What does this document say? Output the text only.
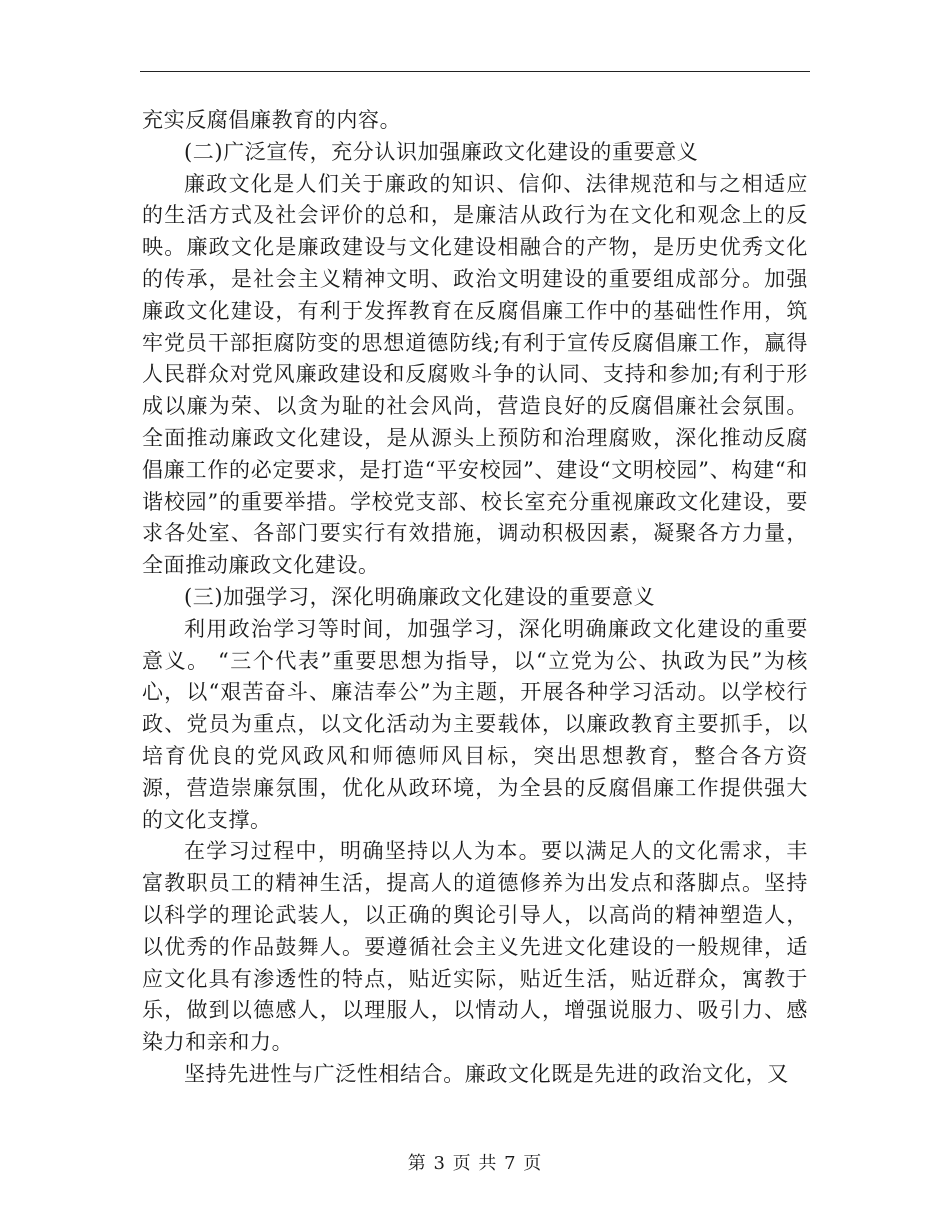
充实反腐倡廉教育的内容。

(二)广泛宣传，充分认识加强廉政文化建设的重要意义

廉政文化是人们关于廉政的知识、信仰、法律规范和与之相适应的生活方式及社会评价的总和，是廉洁从政行为在文化和观念上的反映。廉政文化是廉政建设与文化建设相融合的产物，是历史优秀文化的传承，是社会主义精神文明、政治文明建设的重要组成部分。加强廉政文化建设，有利于发挥教育在反腐倡廉工作中的基础性作用，筑牢党员干部拒腐防变的思想道德防线;有利于宣传反腐倡廉工作，赢得人民群众对党风廉政建设和反腐败斗争的认同、支持和参加;有利于形成以廉为荣、以贪为耻的社会风尚，营造良好的反腐倡廉社会氛围。全面推动廉政文化建设，是从源头上预防和治理腐败，深化推动反腐倡廉工作的必定要求，是打造“平安校园”、建设“文明校园”、构建“和谐校园”的重要举措。学校党支部、校长室充分重视廉政文化建设，要求各处室、各部门要实行有效措施，调动积极因素，凝聚各方力量，全面推动廉政文化建设。

(三)加强学习，深化明确廉政文化建设的重要意义

利用政治学习等时间，加强学习，深化明确廉政文化建设的重要意义。 “三个代表”重要思想为指导，以“立党为公、执政为民”为核心，以“艰苦奋斗、廉洁奉公”为主题，开展各种学习活动。以学校行政、党员为重点，以文化活动为主要载体，以廉政教育主要抓手，以培育优良的党风政风和师德师风目标，突出思想教育，整合各方资源，营造崇廉氛围，优化从政环境，为全县的反腐倡廉工作提供强大的文化支撑。

在学习过程中，明确坚持以人为本。要以满足人的文化需求，丰富教职员工的精神生活，提高人的道德修养为出发点和落脚点。坚持以科学的理论武装人，以正确的舆论引导人，以高尚的精神塑造人，以优秀的作品鼓舞人。要遵循社会主义先进文化建设的一般规律，适应文化具有渗透性的特点，贴近实际，贴近生活，贴近群众，寓教于乐，做到以德感人，以理服人，以情动人，增强说服力、吸引力、感染力和亲和力。

坚持先进性与广泛性相结合。廉政文化既是先进的政治文化，又

第 3 页 共 7 页
